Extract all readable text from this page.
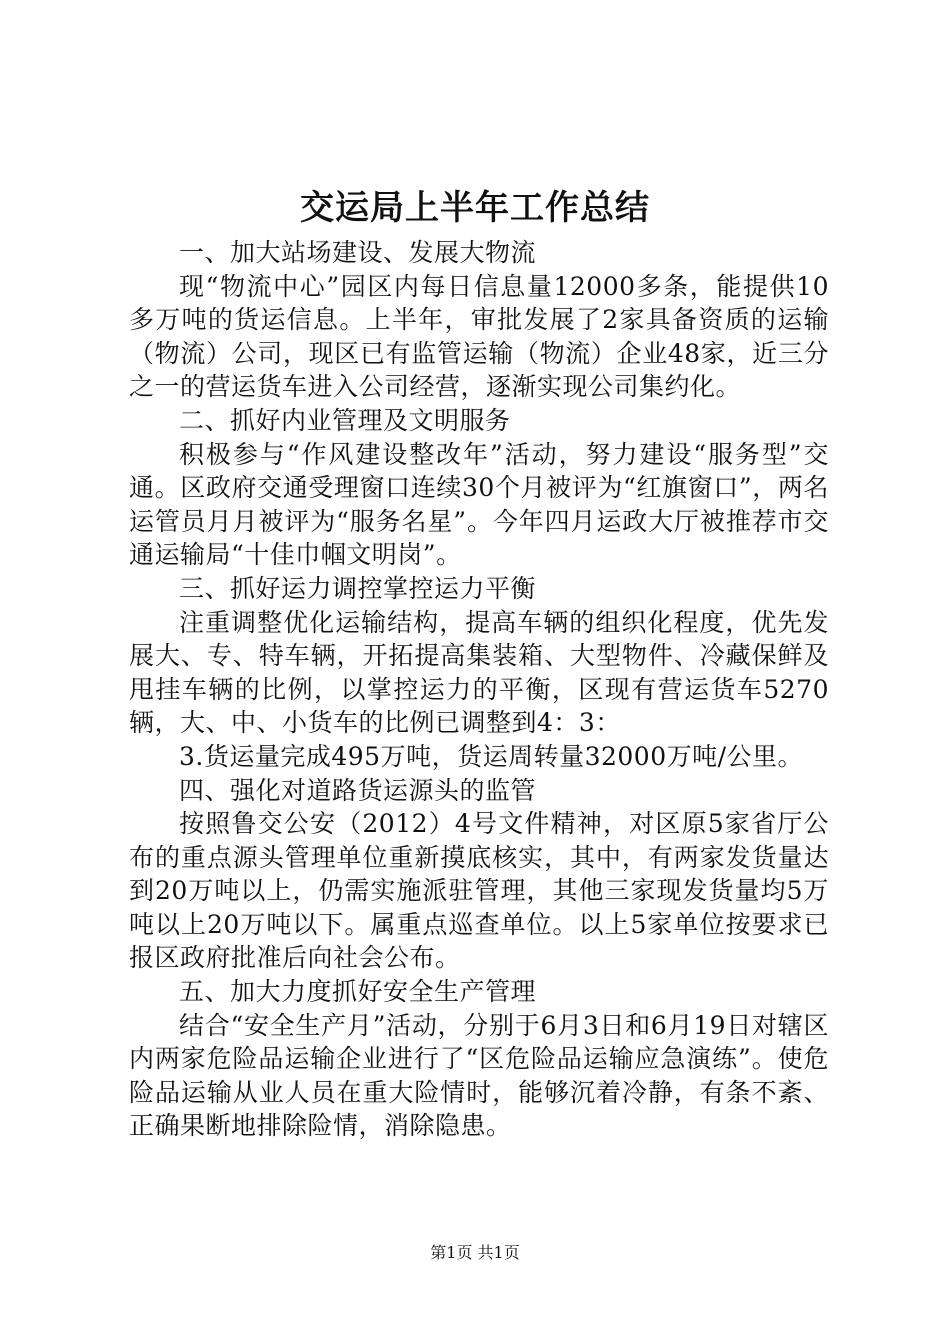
交运局上半年工作总结

一、加大站场建设、发展大物流

现“物流中心”园区内每日信息量12000多条，能提供10多万吨的货运信息。上半年，审批发展了2家具备资质的运输（物流）公司，现区已有监管运输（物流）企业48家，近三分之一的营运货车进入公司经营，逐渐实现公司集约化。

二、抓好内业管理及文明服务

积极参与“作风建设整改年”活动，努力建设“服务型”交通。区政府交通受理窗口连续30个月被评为“红旗窗口”，两名运管员月月被评为“服务名星”。今年四月运政大厅被推荐市交通运输局“十佳巾帼文明岗”。

三、抓好运力调控掌控运力平衡

注重调整优化运输结构，提高车辆的组织化程度，优先发展大、专、特车辆，开拓提高集装箱、大型物件、冷藏保鲜及甩挂车辆的比例，以掌控运力的平衡，区现有营运货车5270辆，大、中、小货车的比例已调整到4：3：

3.货运量完成495万吨，货运周转量32000万吨/公里。

四、强化对道路货运源头的监管

按照鲁交公安（2012）4号文件精神，对区原5家省厅公布的重点源头管理单位重新摸底核实，其中，有两家发货量达到20万吨以上，仍需实施派驻管理，其他三家现发货量均5万吨以上20万吨以下。属重点巡查单位。以上5家单位按要求已报区政府批准后向社会公布。

五、加大力度抓好安全生产管理

结合“安全生产月”活动，分别于6月3日和6月19日对辖区内两家危险品运输企业进行了“区危险品运输应急演练”。使危险品运输从业人员在重大险情时，能够沉着冷静，有条不紊、正确果断地排除险情，消除隐患。

第1页 共1页
